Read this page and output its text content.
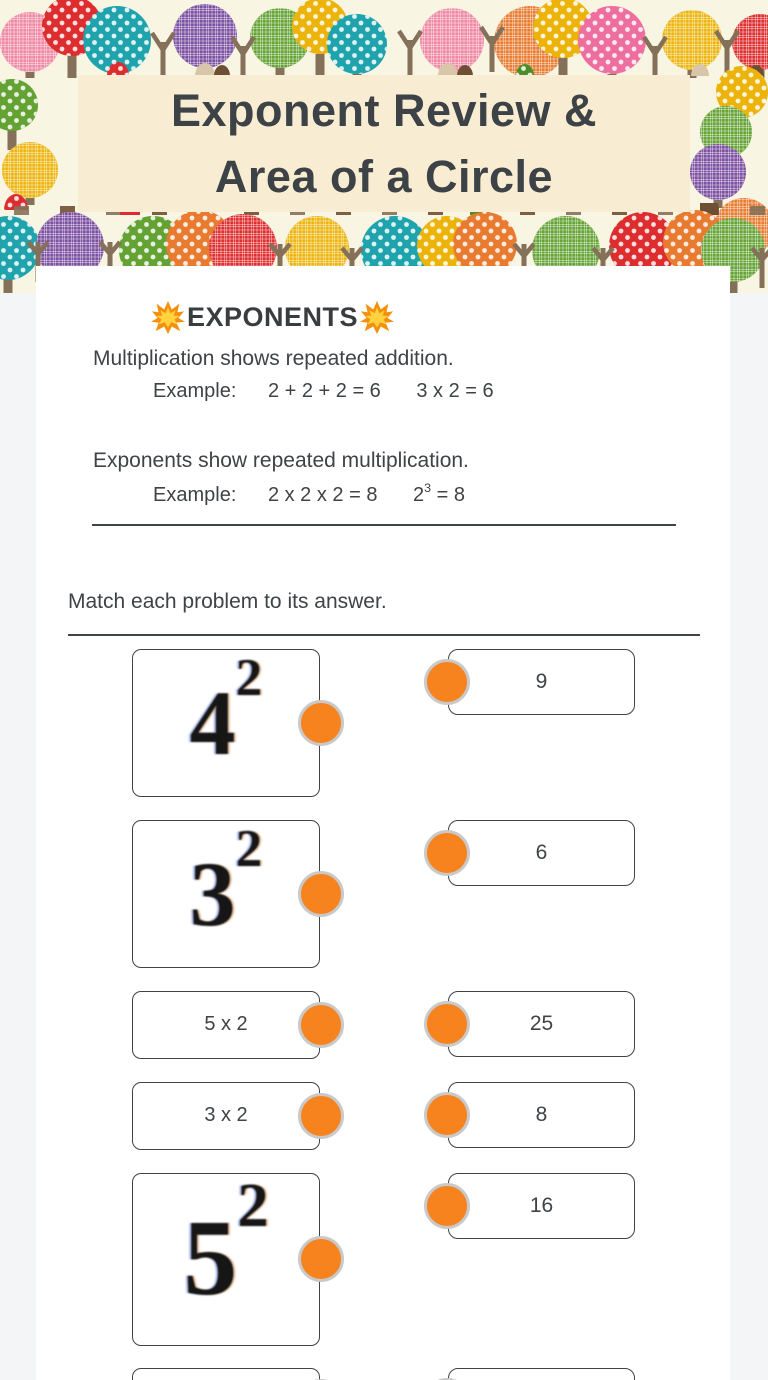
Exponent Review &
Area of a Circle
EXPONENTS
Multiplication shows repeated addition.
Example: 2 + 2 + 2 = 6 3 x 2 = 6
Exponents show repeated multiplication.
Example: 2 x 2 x 2 = 8 $2^3 = 8$
Match each problem to its answer.
$4^2$	9
$3^2$	6
5 x 2	25
3 x 2	8
$5^2$	16
